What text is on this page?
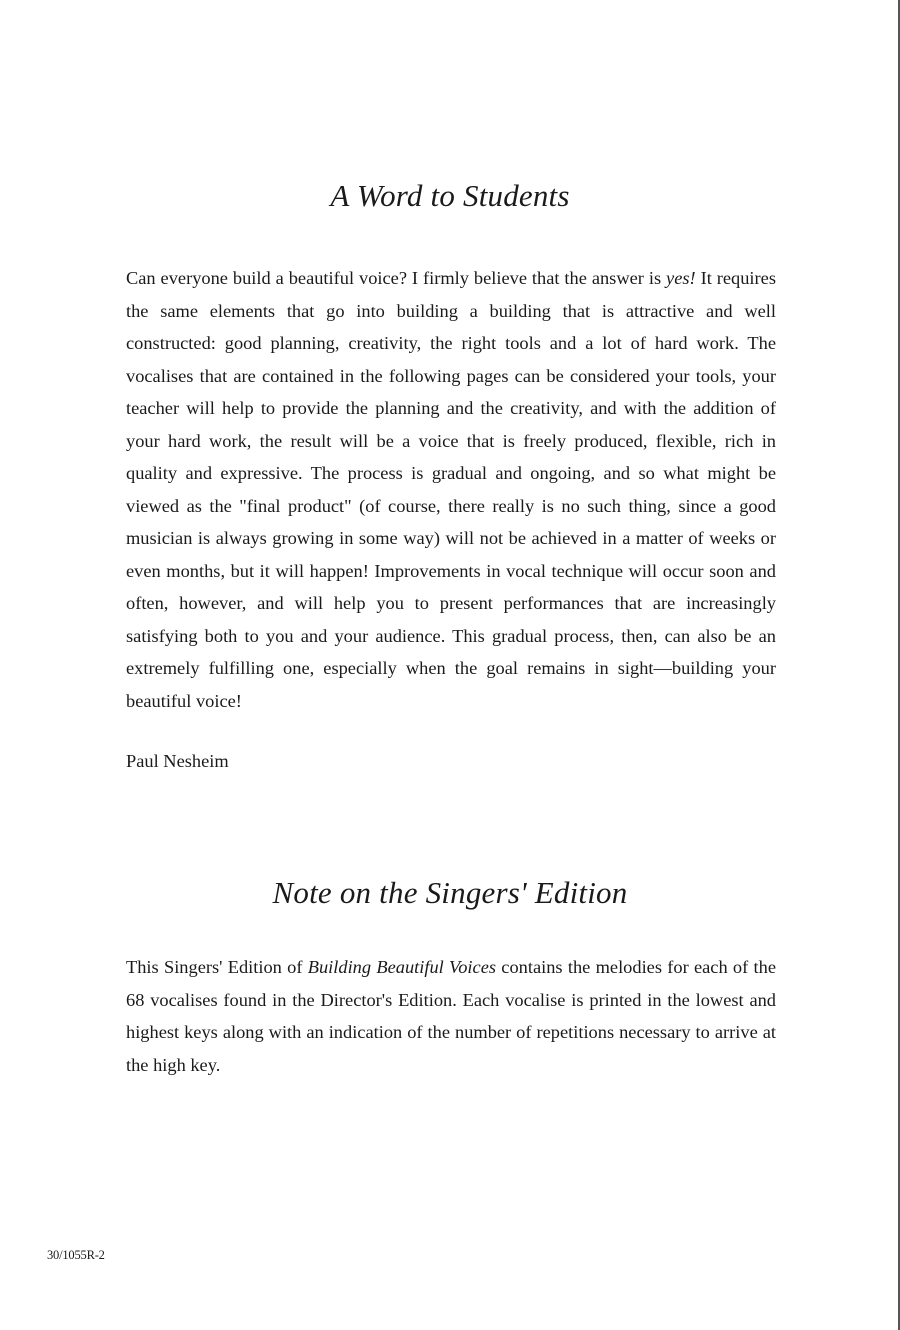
A Word to Students

Can everyone build a beautiful voice? I firmly believe that the answer is yes! It requires the same elements that go into building a building that is attractive and well constructed: good planning, creativity, the right tools and a lot of hard work. The vocalises that are contained in the following pages can be considered your tools, your teacher will help to provide the planning and the creativity, and with the addition of your hard work, the result will be a voice that is freely produced, flexible, rich in quality and expressive. The process is gradual and ongoing, and so what might be viewed as the "final product" (of course, there really is no such thing, since a good musician is always growing in some way) will not be achieved in a matter of weeks or even months, but it will happen! Improvements in vocal technique will occur soon and often, however, and will help you to present performances that are increasingly satisfying both to you and your audience. This gradual process, then, can also be an extremely fulfilling one, especially when the goal remains in sight—building your beautiful voice!

Paul Nesheim

Note on the Singers' Edition

This Singers' Edition of Building Beautiful Voices contains the melodies for each of the 68 vocalises found in the Director's Edition. Each vocalise is printed in the lowest and highest keys along with an indication of the number of repetitions necessary to arrive at the high key.

30/1055R-2
